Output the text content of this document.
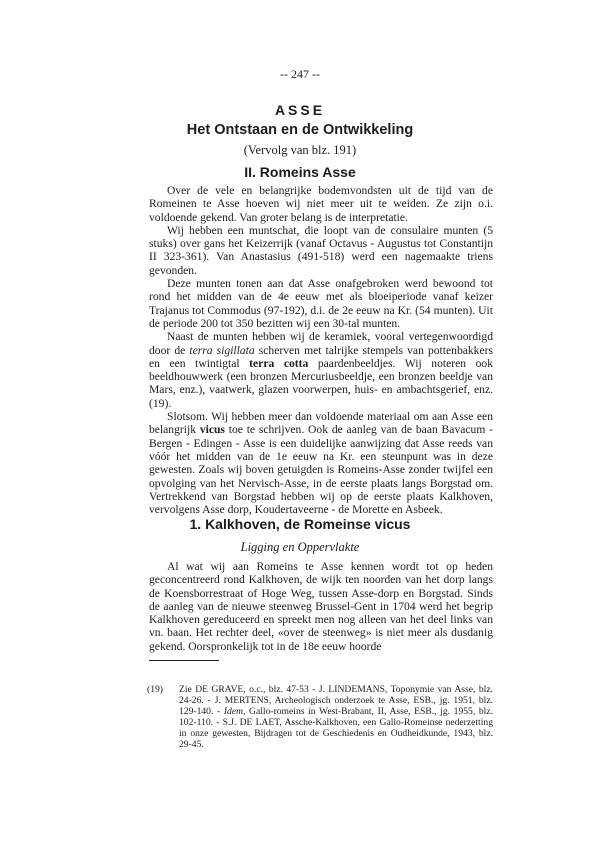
-- 247 --
ASSE
Het Ontstaan en de Ontwikkeling
(Vervolg van blz. 191)
II. Romeins Asse

Over de vele en belangrijke bodemvondsten uit de tijd van de Romeinen te Asse hoeven wij niet meer uit te weiden. Ze zijn o.i. voldoende gekend. Van groter belang is de interpretatie.

Wij hebben een muntschat, die loopt van de consulaire munten (5 stuks) over gans het Keizerrijk (vanaf Octavus - Augustus tot Constantijn II 323-361). Van Anastasius (491-518) werd een nagemaakte triens gevonden.

Deze munten tonen aan dat Asse onafgebroken werd bewoond tot rond het midden van de 4e eeuw met als bloeiperiode vanaf keizer Trajanus tot Commodus (97-192), d.i. de 2e eeuw na Kr. (54 munten). Uit de periode 200 tot 350 bezitten wij een 30-tal munten.

Naast de munten hebben wij de keramiek, vooral vertegenwoordigd door de terra sigillata scherven met talrijke stempels van pottenbakkers en een twintigtal terra cotta paardenbeeldjes. Wij noteren ook beeldhouwwerk (een bronzen Mercuriusbeeldje, een bronzen beeldje van Mars, enz.), vaatwerk, glazen voorwerpen, huis- en ambachtsgerief, enz. (19).

Slotsom. Wij hebben meer dan voldoende materiaal om aan Asse een belangrijk vicus toe te schrijven. Ook de aanleg van de baan Bavacum - Bergen - Edingen - Asse is een duidelijke aanwijzing dat Asse reeds van vóór het midden van de 1e eeuw na Kr. een steunpunt was in deze gewesten. Zoals wij boven getuigden is Romeins-Asse zonder twijfel een opvolging van het Nervisch-Asse, in de eerste plaats langs Borgstad om. Vertrekkend van Borgstad hebben wij op de eerste plaats Kalkhoven, vervolgens Asse dorp, Koudertaveerne - de Morette en Asbeek.

1. Kalkhoven, de Romeinse vicus
Ligging en Oppervlakte

Al wat wij aan Romeins te Asse kennen wordt tot op heden geconcentreerd rond Kalkhoven, de wijk ten noorden van het dorp langs de Koensborrestraat of Hoge Weg, tussen Asse-dorp en Borgstad. Sinds de aanleg van de nieuwe steenweg Brussel-Gent in 1704 werd het begrip Kalkhoven gereduceerd en spreekt men nog alleen van het deel links van vn. baan. Het rechter deel, «over de steenweg» is niet meer als dusdanig gekend. Oorspronkelijk tot in de 18e eeuw hoorde

(19)	Zie DE GRAVE, o.c., blz. 47-53 - J. LINDEMANS, Toponymie van Asse, blz. 24-26. - J. MERTENS, Archeologisch onderzoek te Asse, ESB., jg. 1951, blz. 129-140. - Idem, Gallo-romeins in West-Brabant, II, Asse, ESB., jg. 1955, blz. 102-110. - S.J. DE LAET, Assche-Kalkhoven, een Gallo-Romeinse nederzetting in onze gewesten, Bijdragen tot de Geschiedenis en Oudheidkunde, 1943, blz. 29-45.
